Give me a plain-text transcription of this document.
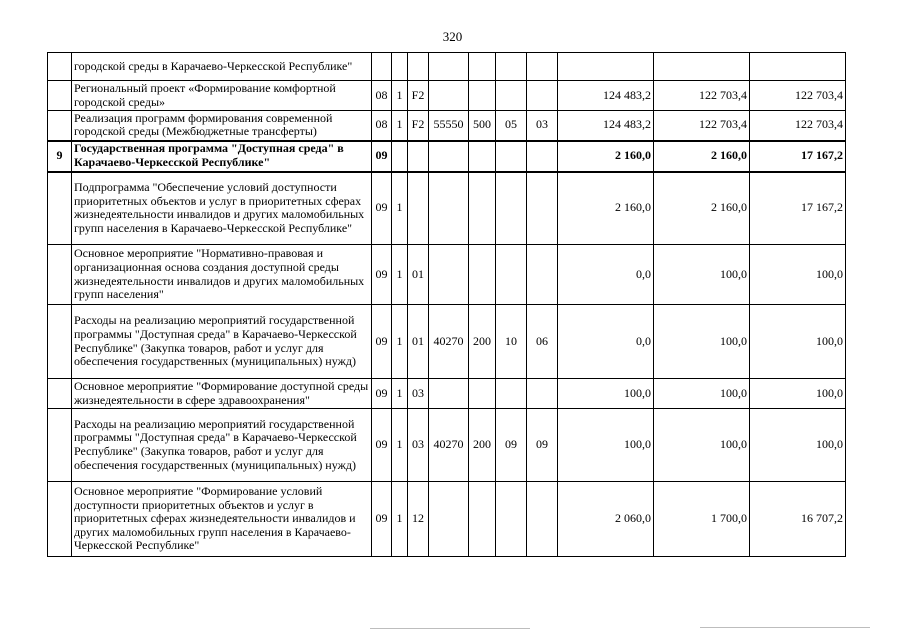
320
	городской среды в Карачаево-Черкесской Республике"										
	Региональный проект «Формирование комфортной городской среды»	08	1	F2					124 483,2	122 703,4	122 703,4
	Реализация программ формирования современной городской среды (Межбюджетные трансферты)	08	1	F2	55550	500	05	03	124 483,2	122 703,4	122 703,4
9	Государственная программа "Доступная среда" в Карачаево-Черкесской Республике"	09							2 160,0	2 160,0	17 167,2
	Подпрограмма "Обеспечение условий доступности приоритетных объектов и услуг в приоритетных сферах жизнедеятельности инвалидов и других маломобильных групп населения в Карачаево-Черкесской Республике"	09	1						2 160,0	2 160,0	17 167,2
	Основное мероприятие "Нормативно-правовая и организационная основа создания доступной среды жизнедеятельности инвалидов и других маломобильных групп населения"	09	1	01					0,0	100,0	100,0
	Расходы на реализацию мероприятий государственной программы "Доступная среда" в Карачаево-Черкесской Республике" (Закупка товаров, работ и услуг для обеспечения государственных (муниципальных) нужд)	09	1	01	40270	200	10	06	0,0	100,0	100,0
	Основное мероприятие "Формирование доступной среды жизнедеятельности в сфере здравоохранения"	09	1	03					100,0	100,0	100,0
	Расходы на реализацию мероприятий государственной программы "Доступная среда" в Карачаево-Черкесской Республике" (Закупка товаров, работ и услуг для обеспечения государственных (муниципальных) нужд)	09	1	03	40270	200	09	09	100,0	100,0	100,0
	Основное мероприятие "Формирование условий доступности приоритетных объектов и услуг в приоритетных сферах жизнедеятельности инвалидов и других маломобильных групп населения в Карачаево-Черкесской Республике"	09	1	12					2 060,0	1 700,0	16 707,2
